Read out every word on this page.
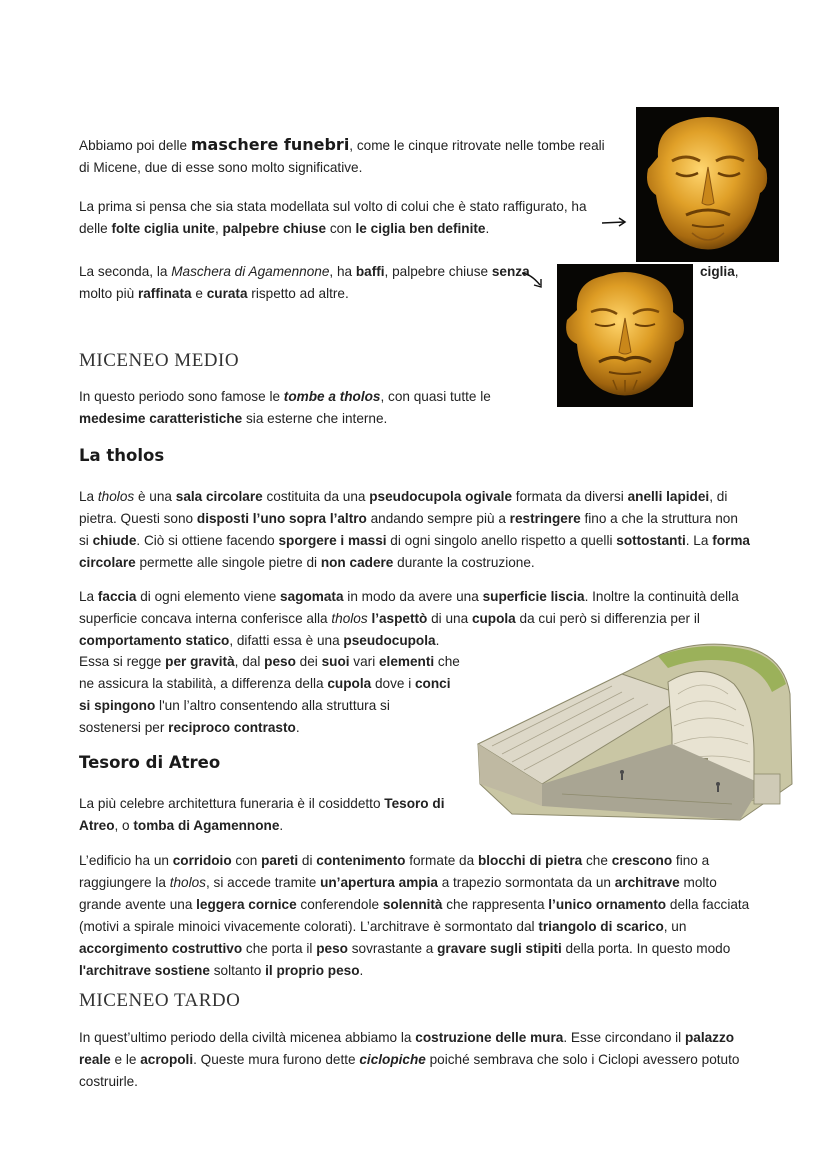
Abbiamo poi delle maschere funebri, come le cinque ritrovate nelle tombe reali di Micene, due di esse sono molto significative.

La prima si pensa che sia stata modellata sul volto di colui che è stato raffigurato, ha delle folte ciglia unite, palpebre chiuse con le ciglia ben definite.

La seconda, la Maschera di Agamennone, ha baffi, palpebre chiuse senza
molto più raffinata e curata rispetto ad altre.

ciglia,

MICENEO MEDIO

In questo periodo sono famose le tombe a tholos, con quasi tutte le medesime caratteristiche sia esterne che interne.

La tholos

La tholos è una sala circolare costituita da una pseudocupola ogivale formata da diversi anelli lapidei, di pietra. Questi sono disposti l’uno sopra l’altro andando sempre più a restringere fino a che la struttura non si chiude. Ciò si ottiene facendo sporgere i massi di ogni singolo anello rispetto a quelli sottostanti. La forma circolare permette alle singole pietre di non cadere durante la costruzione.

La faccia di ogni elemento viene sagomata in modo da avere una superficie liscia. Inoltre la continuità della superficie concava interna conferisce alla tholos l’aspettò di una cupola da cui però si differenzia per il comportamento statico, difatti essa è una pseudocupola.

Essa si regge per gravità, dal peso dei suoi vari elementi che
ne assicura la stabilità, a differenza della cupola dove i conci
si spingono l'un l’altro consentendo alla struttura si
sostenersi per reciproco contrasto.

Tesoro di Atreo

La più celebre architettura funeraria è il cosiddetto Tesoro di
Atreo, o tomba di Agamennone.

L’edificio ha un corridoio con pareti di contenimento formate da blocchi di pietra che crescono fino a raggiungere la tholos, si accede tramite un’apertura ampia a trapezio sormontata da un architrave molto grande avente una leggera cornice conferendole solennità che rappresenta l’unico ornamento della facciata (motivi a spirale minoici vivacemente colorati). L’architrave è sormontato dal triangolo di scarico, un accorgimento costruttivo che porta il peso sovrastante a gravare sugli stipiti della porta. In questo modo l'architrave sostiene soltanto il proprio peso.

MICENEO TARDO

In quest’ultimo periodo della civiltà micenea abbiamo la costruzione delle mura. Esse circondano il palazzo reale e le acropoli. Queste mura furono dette ciclopiche poiché sembrava che solo i Ciclopi avessero potuto costruirle.
